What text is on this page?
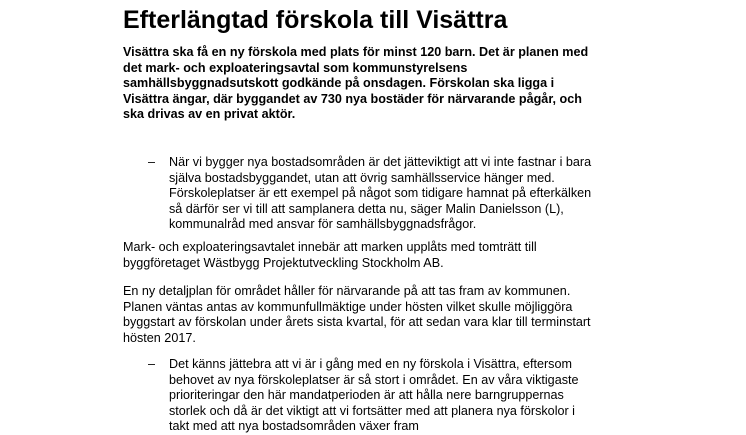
Efterlängtad förskola till Visättra

Visättra ska få en ny förskola med plats för minst 120 barn. Det är planen med det mark- och exploateringsavtal som kommunstyrelsens samhällsbyggnadsutskott godkände på onsdagen. Förskolan ska ligga i Visättra ängar, där byggandet av 730 nya bostäder för närvarande pågår, och ska drivas av en privat aktör.

– När vi bygger nya bostadsområden är det jätteviktigt att vi inte fastnar i bara själva bostadsbyggandet, utan att övrig samhällsservice hänger med. Förskoleplatser är ett exempel på något som tidigare hamnat på efterkälken så därför ser vi till att samplanera detta nu, säger Malin Danielsson (L), kommunalråd med ansvar för samhällsbyggnadsfrågor.

Mark- och exploateringsavtalet innebär att marken upplåts med tomträtt till byggföretaget Wästbygg Projektutveckling Stockholm AB.

En ny detaljplan för området håller för närvarande på att tas fram av kommunen. Planen väntas antas av kommunfullmäktige under hösten vilket skulle möjliggöra byggstart av förskolan under årets sista kvartal, för att sedan vara klar till terminstart hösten 2017.

– Det känns jättebra att vi är i gång med en ny förskola i Visättra, eftersom behovet av nya förskoleplatser är så stort i området. En av våra viktigaste prioriteringar den här mandatperioden är att hålla nere barngruppernas storlek och då är det viktigt att vi fortsätter med att planera nya förskolor i takt med att nya bostadsområden växer fram
